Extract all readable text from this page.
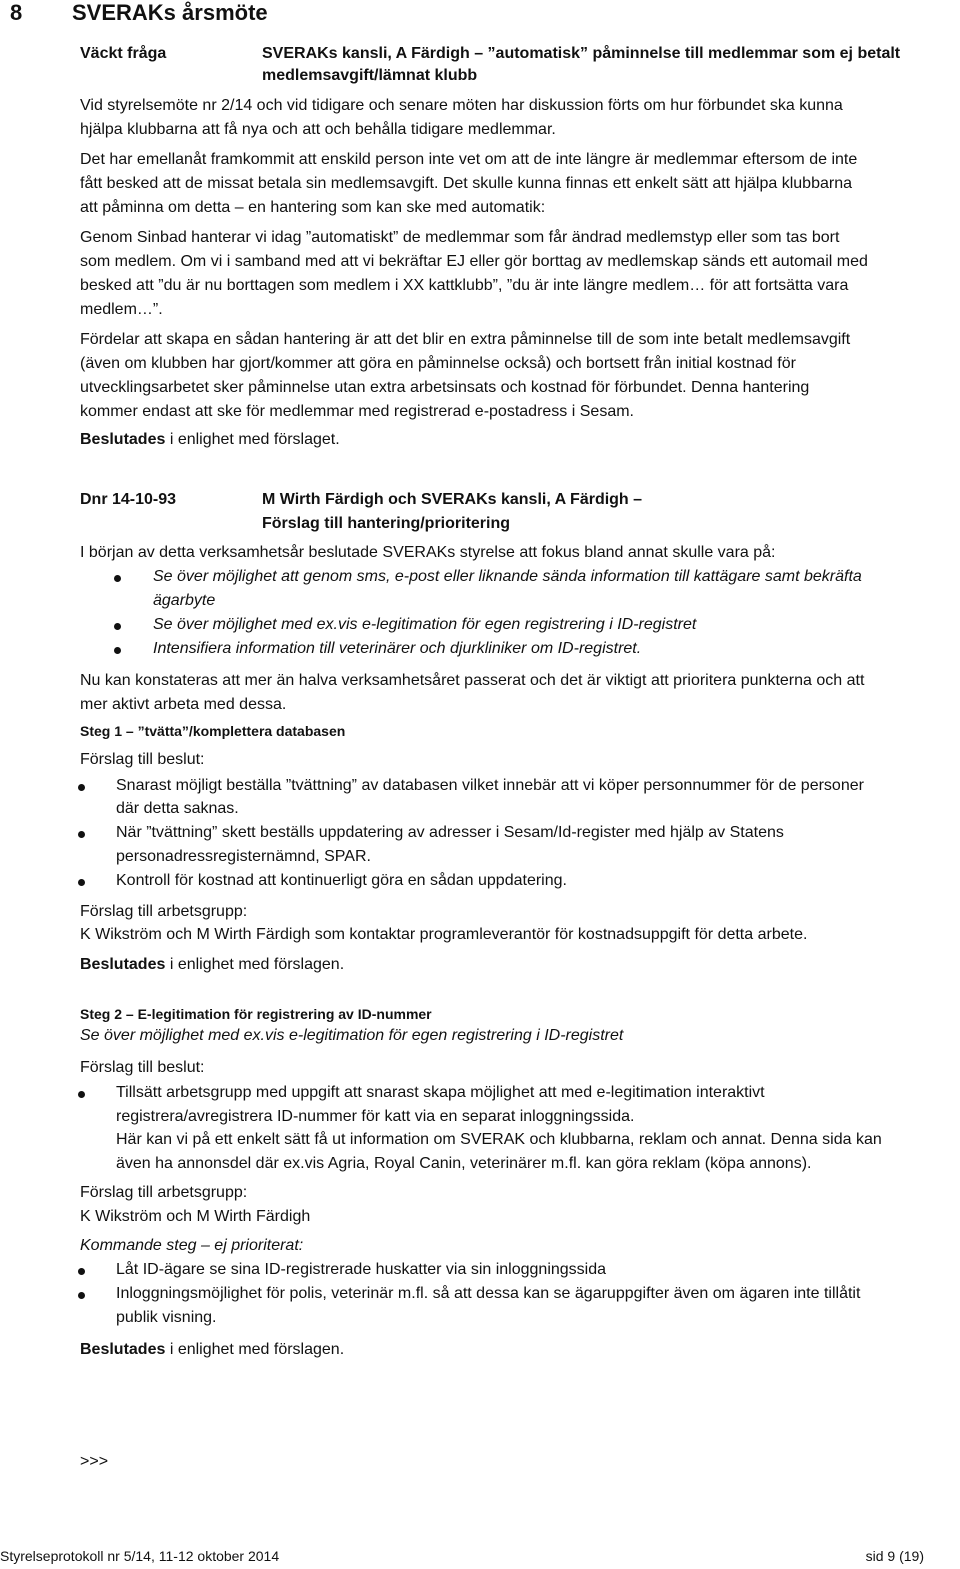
8 SVERAKs årsmöte
Väckt fråga	SVERAKs kansli, A Färdigh – ”automatisk” påminnelse till medlemmar som ej betalt
medlemsavgift/lämnat klubb
Vid styrelsemöte nr 2/14 och vid tidigare och senare möten har diskussion förts om hur förbundet ska kunna
hjälpa klubbarna att få nya och att och behålla tidigare medlemmar.
Det har emellanåt framkommit att enskild person inte vet om att de inte längre är medlemmar eftersom de inte
fått besked att de missat betala sin medlemsavgift. Det skulle kunna finnas ett enkelt sätt att hjälpa klubbarna
att påminna om detta – en hantering som kan ske med automatik:
Genom Sinbad hanterar vi idag ”automatiskt” de medlemmar som får ändrad medlemstyp eller som tas bort
som medlem. Om vi i samband med att vi bekräftar EJ eller gör borttag av medlemskap sänds ett automail med
besked att ”du är nu borttagen som medlem i XX kattklubb”, ”du är inte längre medlem… för att fortsätta vara
medlem…”.
Fördelar att skapa en sådan hantering är att det blir en extra påminnelse till de som inte betalt medlemsavgift
(även om klubben har gjort/kommer att göra en påminnelse också) och bortsett från initial kostnad för
utvecklingsarbetet sker påminnelse utan extra arbetsinsats och kostnad för förbundet. Denna hantering
kommer endast att ske för medlemmar med registrerad e-postadress i Sesam.
Beslutades i enlighet med förslaget.
Dnr 14-10-93	M Wirth Färdigh och SVERAKs kansli, A Färdigh –
Förslag till hantering/prioritering
I början av detta verksamhetsår beslutade SVERAKs styrelse att fokus bland annat skulle vara på:
Se över möjlighet att genom sms, e-post eller liknande sända information till kattägare samt bekräfta
ägarbyte
Se över möjlighet med ex.vis e-legitimation för egen registrering i ID-registret
Intensifiera information till veterinärer och djurkliniker om ID-registret.
Nu kan konstateras att mer än halva verksamhetsåret passerat och det är viktigt att prioritera punkterna och att
mer aktivt arbeta med dessa.
Steg 1 – ”tvätta”/komplettera databasen
Förslag till beslut:
Snarast möjligt beställa ”tvättning” av databasen vilket innebär att vi köper personnummer för de personer
där detta saknas.
När ”tvättning” skett beställs uppdatering av adresser i Sesam/Id-register med hjälp av Statens
personadressregisternämnd, SPAR.
Kontroll för kostnad att kontinuerligt göra en sådan uppdatering.
Förslag till arbetsgrupp:
K Wikström och M Wirth Färdigh som kontaktar programleverantör för kostnadsuppgift för detta arbete.
Beslutades i enlighet med förslagen.
Steg 2 – E-legitimation för registrering av ID-nummer
Se över möjlighet med ex.vis e-legitimation för egen registrering i ID-registret
Förslag till beslut:
Tillsätt arbetsgrupp med uppgift att snarast skapa möjlighet att med e-legitimation interaktivt
registrera/avregistrera ID-nummer för katt via en separat inloggningssida.
Här kan vi på ett enkelt sätt få ut information om SVERAK och klubbarna, reklam och annat. Denna sida kan
även ha annonsdel där ex.vis Agria, Royal Canin, veterinärer m.fl. kan göra reklam (köpa annons).
Förslag till arbetsgrupp:
K Wikström och M Wirth Färdigh
Kommande steg – ej prioriterat:
Låt ID-ägare se sina ID-registrerade huskatter via sin inloggningssida
Inloggningsmöjlighet för polis, veterinär m.fl. så att dessa kan se ägaruppgifter även om ägaren inte tillåtit
publik visning.
Beslutades i enlighet med förslagen.
>>>
Styrelseprotokoll nr 5/14, 11-12 oktober 2014	sid 9 (19)
